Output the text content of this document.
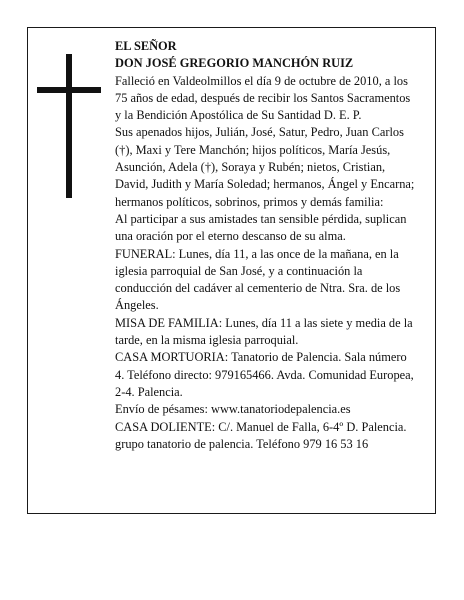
EL SEÑOR

DON JOSÉ GREGORIO MANCHÓN RUIZ

Falleció en Valdeolmillos el día 9 de octubre de 2010, a los 75 años de edad, después de recibir los Santos Sacramentos y la Bendición Apostólica de Su Santidad D. E. P.

Sus apenados hijos, Julián, José, Satur, Pedro, Juan Carlos (†), Maxi y Tere Manchón; hijos políticos, María Jesús, Asunción, Adela (†), Soraya y Rubén; nietos, Cristian, David, Judith y María Soledad; hermanos, Ángel y Encarna; hermanos políticos, sobrinos, primos y demás familia:

Al participar a sus amistades tan sensible pérdida, suplican una oración por el eterno descanso de su alma.

FUNERAL: Lunes, día 11, a las once de la mañana, en la iglesia parroquial de San José, y a continuación la conducción del cadáver al cementerio de Ntra. Sra. de los Ángeles.

MISA DE FAMILIA: Lunes, día 11 a las siete y media de la tarde, en la misma iglesia parroquial.

CASA MORTUORIA: Tanatorio de Palencia. Sala número 4. Teléfono directo: 979165466. Avda. Comunidad Europea, 2-4. Palencia.

Envío de pésames: www.tanatoriodepalencia.es

CASA DOLIENTE: C/. Manuel de Falla, 6-4º D. Palencia.

grupo tanatorio de palencia. Teléfono 979 16 53 16
